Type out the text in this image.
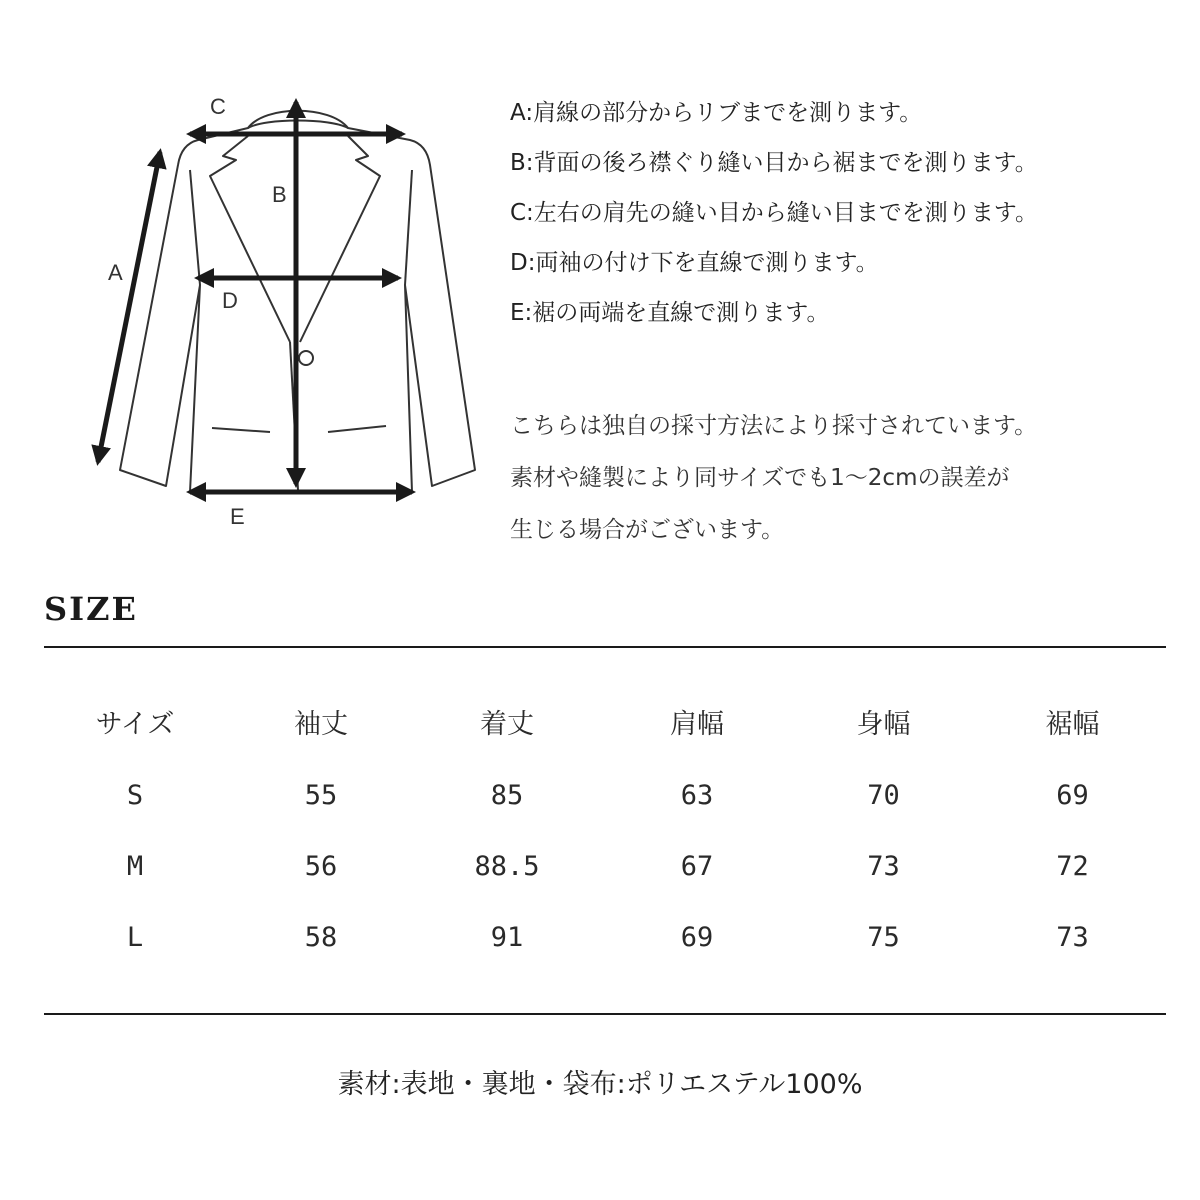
A
B
C
D
E
A:肩線の部分からリブまでを測ります。
B:背面の後ろ襟ぐり縫い目から裾までを測ります。
C:左右の肩先の縫い目から縫い目までを測ります。
D:両袖の付け下を直線で測ります。
E:裾の両端を直線で測ります。
こちらは独自の採寸方法により採寸されています。
素材や縫製により同サイズでも1〜2cmの誤差が
生じる場合がございます。
SIZE
サイズ	袖丈	着丈	肩幅	身幅	裾幅
S	55	85	63	70	69
M	56	88.5	67	73	72
L	58	91	69	75	73
素材:表地・裏地・袋布:ポリエステル100%
